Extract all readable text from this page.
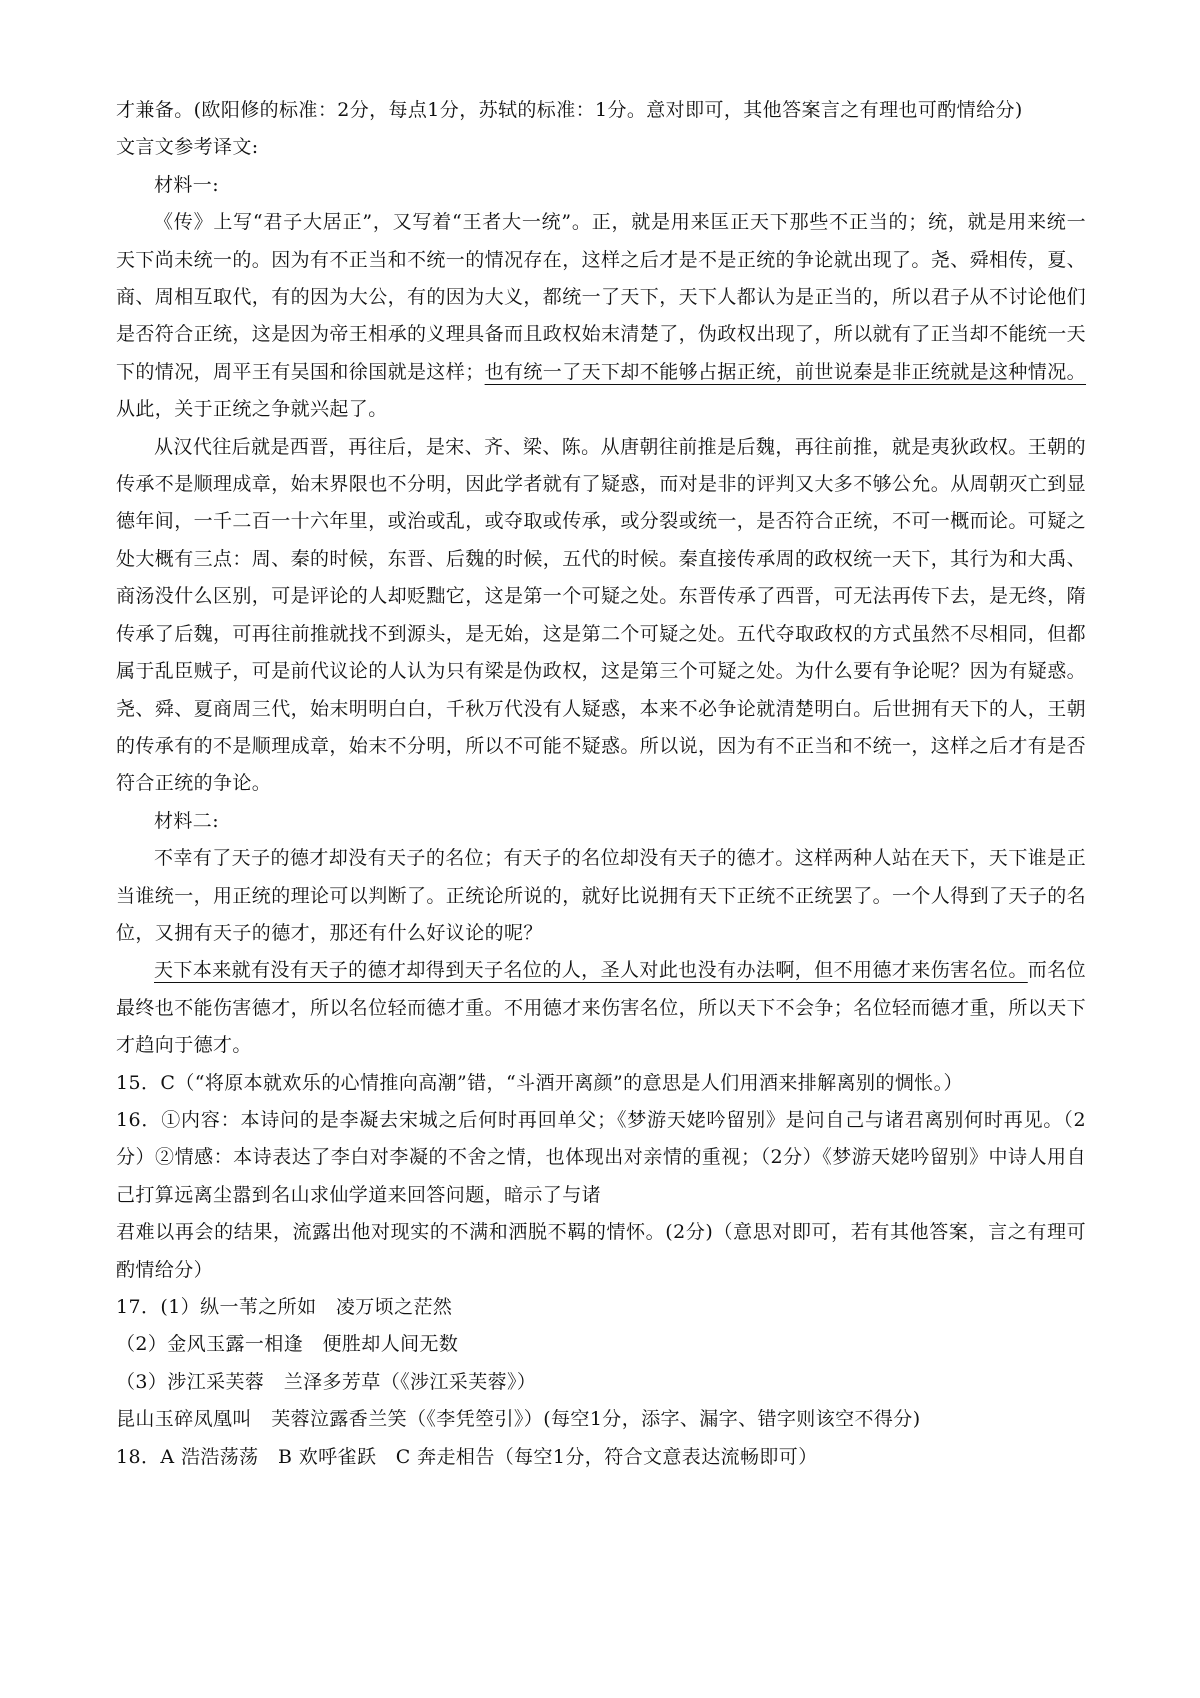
才兼备。(欧阳修的标准：2分，每点1分，苏轼的标准：1分。意对即可，其他答案言之有理也可酌情给分)

文言文参考译文:

材料一:

《传》上写“君子大居正”，又写着“王者大一统”。正，就是用来匡正天下那些不正当的；统，就是用来统一天下尚未统一的。因为有不正当和不统一的情况存在，这样之后才是不是正统的争论就出现了。尧、舜相传，夏、商、周相互取代，有的因为大公，有的因为大义，都统一了天下，天下人都认为是正当的，所以君子从不讨论他们是否符合正统，这是因为帝王相承的义理具备而且政权始末清楚了，伪政权出现了，所以就有了正当却不能统一天下的情况，周平王有吴国和徐国就是这样；也有统一了天下却不能够占据正统，前世说秦是非正统就是这种情况。从此，关于正统之争就兴起了。

从汉代往后就是西晋，再往后，是宋、齐、梁、陈。从唐朝往前推是后魏，再往前推，就是夷狄政权。王朝的传承不是顺理成章，始末界限也不分明，因此学者就有了疑惑，而对是非的评判又大多不够公允。从周朝灭亡到显德年间，一千二百一十六年里，或治或乱，或夺取或传承，或分裂或统一，是否符合正统，不可一概而论。可疑之处大概有三点：周、秦的时候，东晋、后魏的时候，五代的时候。秦直接传承周的政权统一天下，其行为和大禹、商汤没什么区别，可是评论的人却贬黜它，这是第一个可疑之处。东晋传承了西晋，可无法再传下去，是无终，隋传承了后魏，可再往前推就找不到源头，是无始，这是第二个可疑之处。五代夺取政权的方式虽然不尽相同，但都属于乱臣贼子，可是前代议论的人认为只有梁是伪政权，这是第三个可疑之处。为什么要有争论呢？因为有疑惑。尧、舜、夏商周三代，始末明明白白，千秋万代没有人疑惑，本来不必争论就清楚明白。后世拥有天下的人，王朝的传承有的不是顺理成章，始末不分明，所以不可能不疑惑。所以说，因为有不正当和不统一，这样之后才有是否符合正统的争论。

材料二:

不幸有了天子的德才却没有天子的名位；有天子的名位却没有天子的德才。这样两种人站在天下，天下谁是正当谁统一，用正统的理论可以判断了。正统论所说的，就好比说拥有天下正统不正统罢了。一个人得到了天子的名位，又拥有天子的德才，那还有什么好议论的呢？

天下本来就有没有天子的德才却得到天子名位的人，圣人对此也没有办法啊，但不用德才来伤害名位。而名位最终也不能伤害德才，所以名位轻而德才重。不用德才来伤害名位，所以天下不会争；名位轻而德才重，所以天下才趋向于德才。

15．C（“将原本就欢乐的心情推向高潮”错，“斗酒开离颜”的意思是人们用酒来排解离别的惆怅。）

16．①内容：本诗问的是李凝去宋城之后何时再回单父；《梦游天姥吟留别》是问自己与诸君离别何时再见。（2分）②情感：本诗表达了李白对李凝的不舍之情，也体现出对亲情的重视；（2分）《梦游天姥吟留别》中诗人用自己打算远离尘嚣到名山求仙学道来回答问题，暗示了与诸

君难以再会的结果，流露出他对现实的不满和洒脱不羁的情怀。(2分)（意思对即可，若有其他答案，言之有理可酌情给分）

17．(1）纵一苇之所如　凌万顷之茫然

（2）金风玉露一相逢　便胜却人间无数

（3）涉江采芙蓉　兰泽多芳草（《涉江采芙蓉》）

昆山玉碎凤凰叫　芙蓉泣露香兰笑（《李凭箜引》）(每空1分，添字、漏字、错字则该空不得分)

18．A 浩浩荡荡　B 欢呼雀跃　C 奔走相告（每空1分，符合文意表达流畅即可）
